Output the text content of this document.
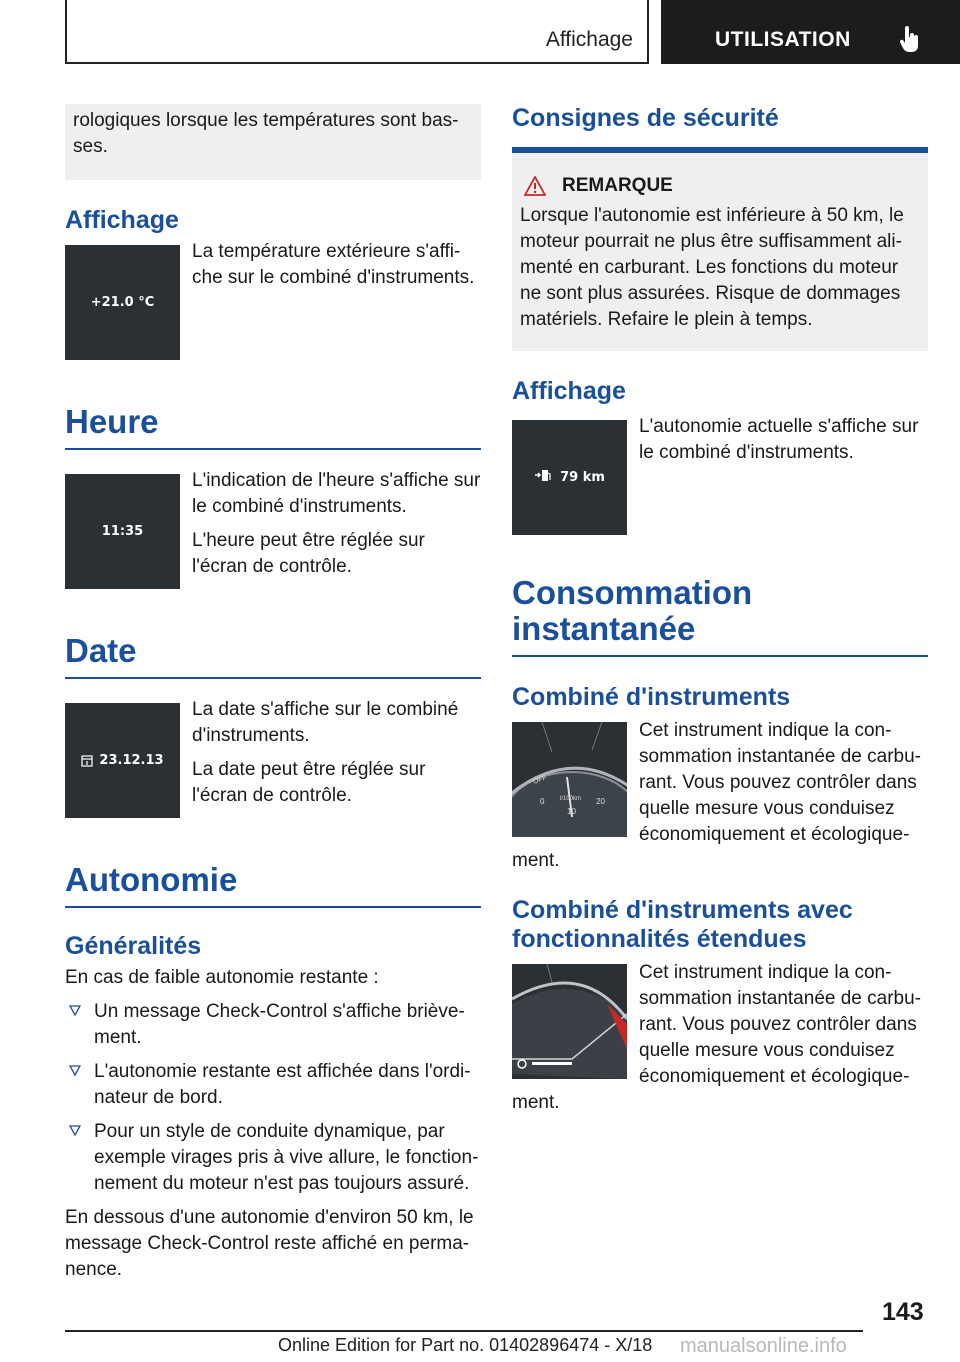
Affichage	UTILISATION
rologiques lorsque les températures sont bas-ses.
Affichage
+21.0 °C

La température extérieure s'affi-che sur le combiné d'instruments.

Heure
11:35

L'indication de l'heure s'affiche sur le combiné d'instruments.

L'heure peut être réglée sur l'écran de contrôle.

Date
23.12.13

La date s'affiche sur le combiné d'instruments.

La date peut être réglée sur l'écran de contrôle.

Autonomie
Généralités

En cas de faible autonomie restante :

Un message Check-Control s'affiche briève-ment.
L'autonomie restante est affichée dans l'ordi-nateur de bord.
Pour un style de conduite dynamique, par exemple virages pris à vive allure, le fonction-nement du moteur n'est pas toujours assuré.

En dessous d'une autonomie d'environ 50 km, le message Check-Control reste affiché en perma-nence.

Consignes de sécurité
REMARQUE

Lorsque l'autonomie est inférieure à 50 km, le moteur pourrait ne plus être suffisamment ali-menté en carburant. Les fonctions du moteur ne sont plus assurées. Risque de dommages matériels. Refaire le plein à temps.

Affichage
79 km

L'autonomie actuelle s'affiche sur le combiné d'instruments.

Consommation
instantanée
Combiné d'instruments
OFF
0
10
20
l/100km

Cet instrument indique la con-sommation instantanée de carbu-rant. Vous pouvez contrôler dans quelle mesure vous conduisez économiquement et écologique-ment.

Combiné d'instruments avec fonctionnalités étendues

Cet instrument indique la con-sommation instantanée de carbu-rant. Vous pouvez contrôler dans quelle mesure vous conduisez économiquement et écologique-ment.

143
Online Edition for Part no. 01402896474 - X/18 manualsonline.info
